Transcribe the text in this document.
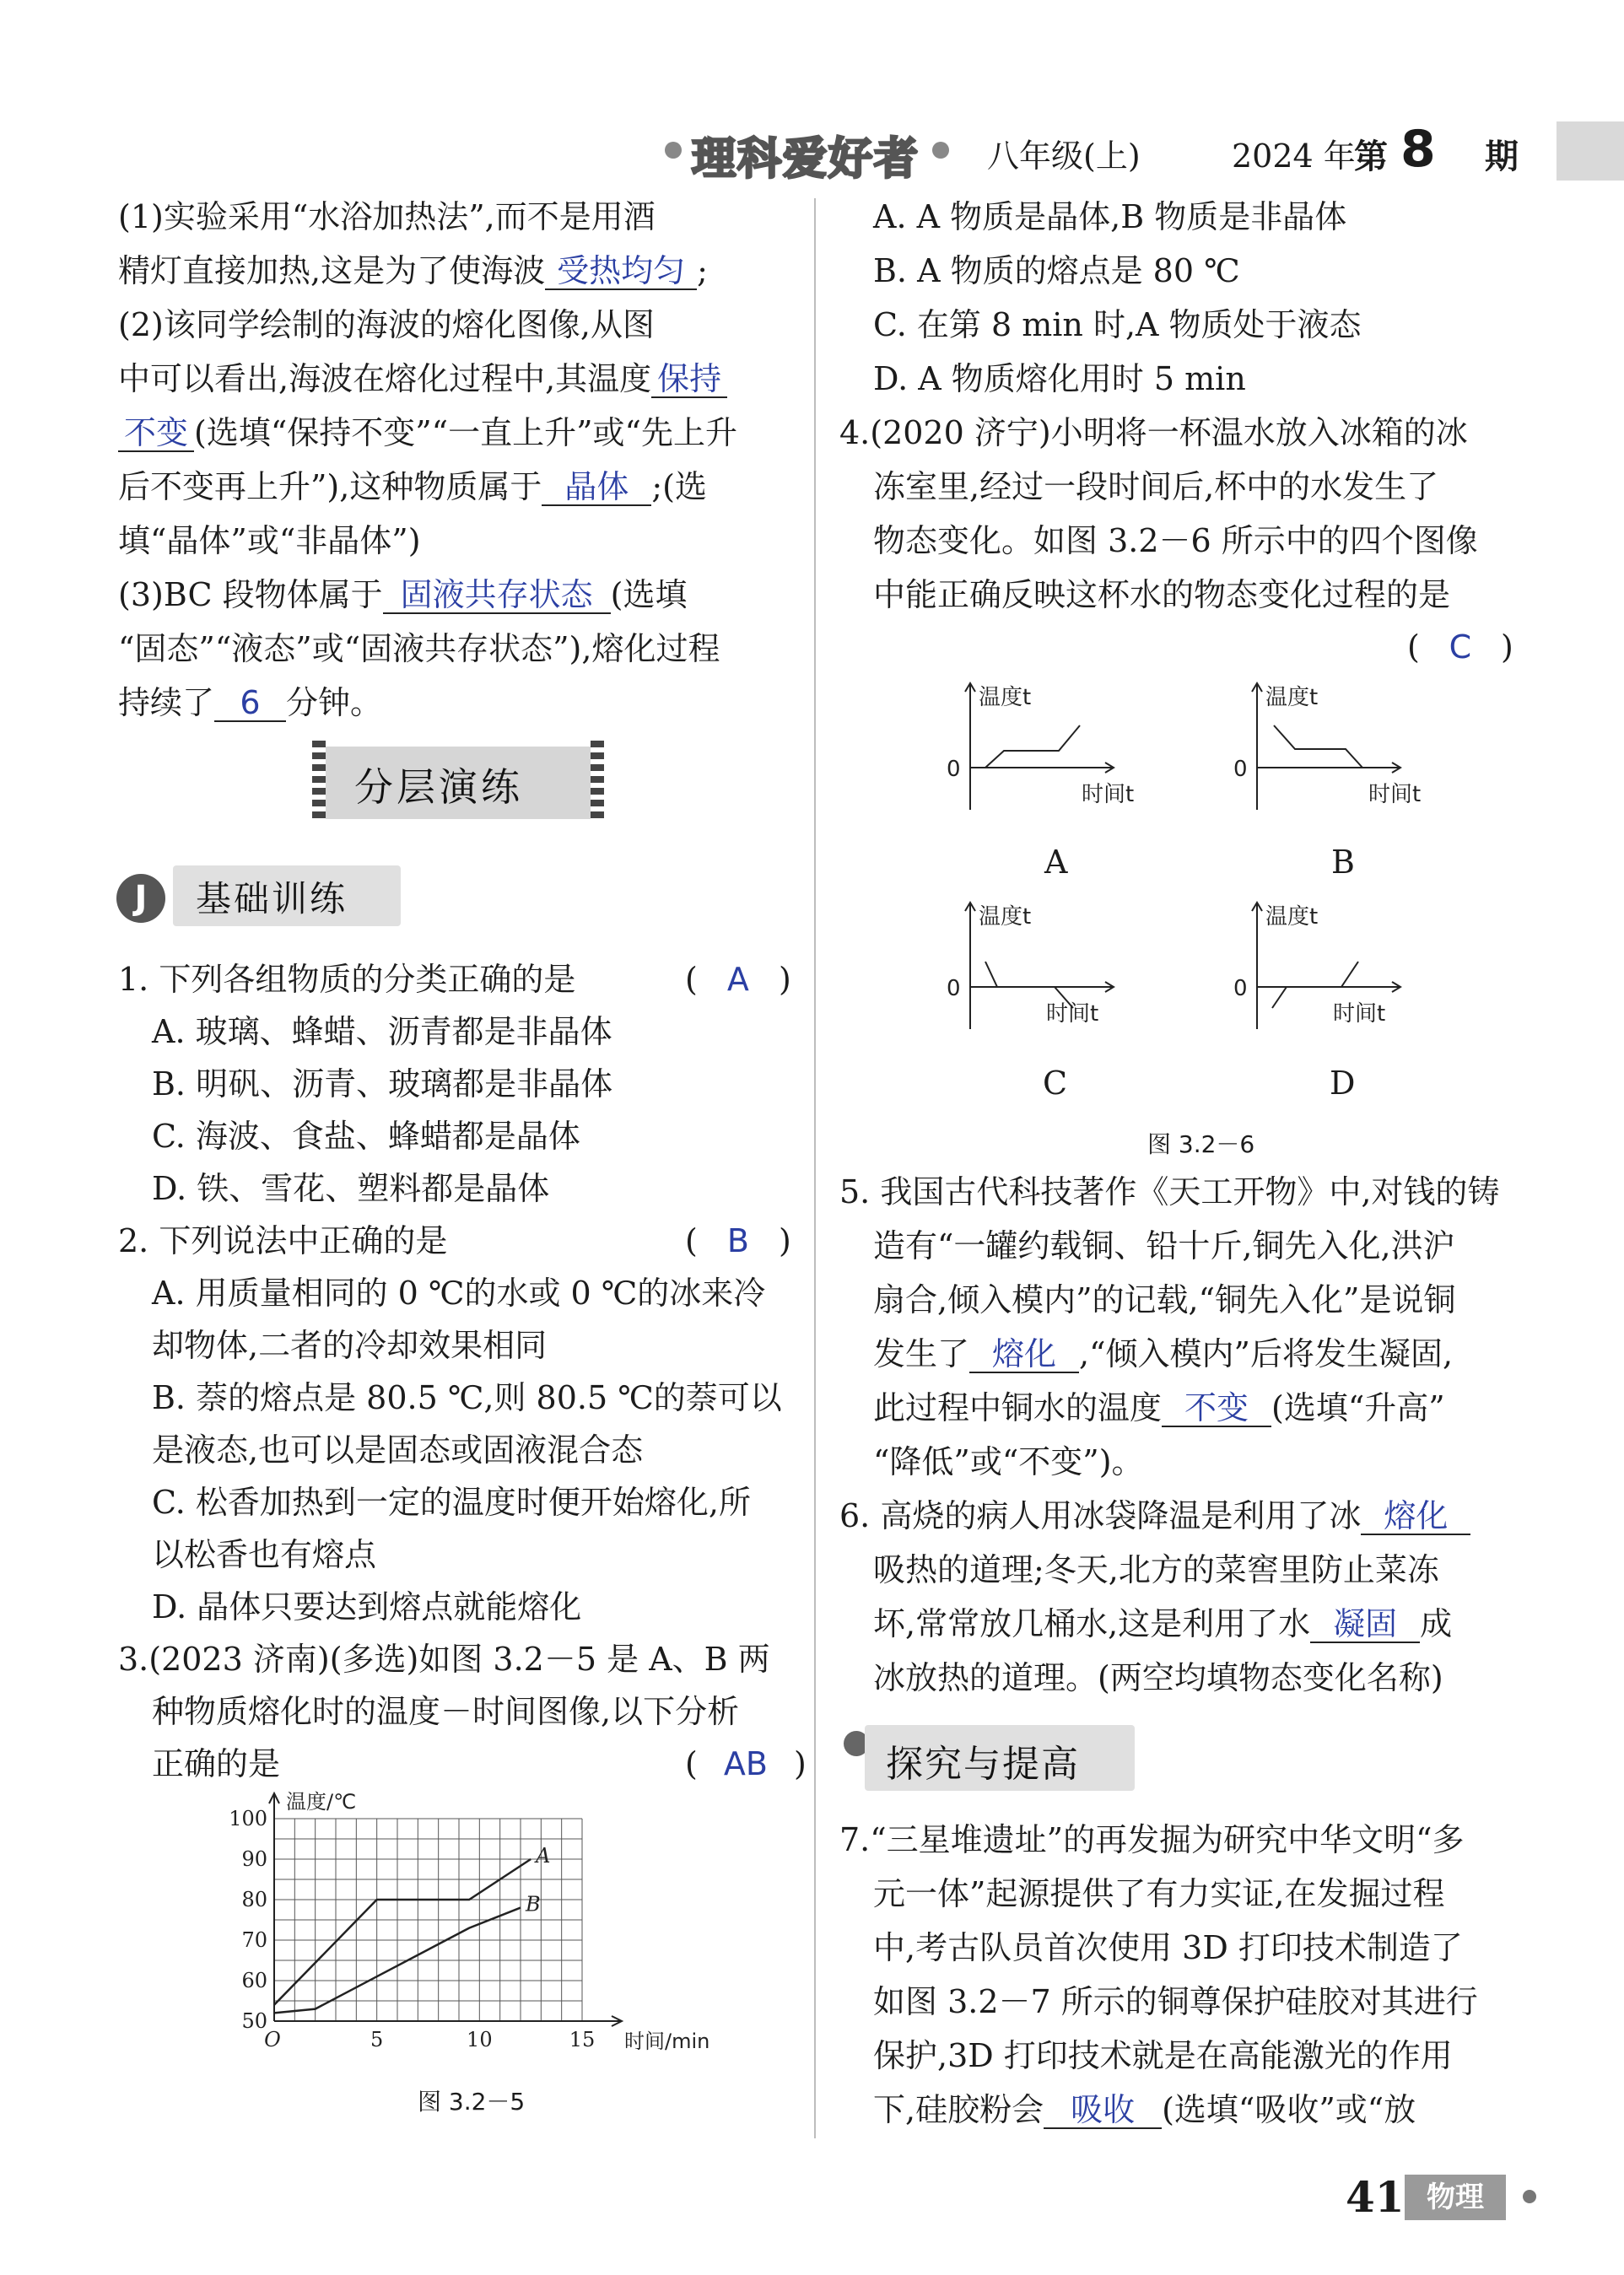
理科爱好者 八年级(上)	2024 年
第 8 期
(1)实验采用“水浴加热法”,而不是用酒
精灯直接加热,这是为了使海波 受热均匀 ;
(2)该同学绘制的海波的熔化图像,从图
中可以看出,海波在熔化过程中,其温度 保持
不变 (选填“保持不变”“一直上升”或“先上升
后不变再上升”),这种物质属于 晶体 ;(选
填“晶体”或“非晶体”)
(3)BC 段物体属于 固液共存状态 (选填
“固态”“液态”或“固液共存状态”),熔化过程
持续了 6 分钟。
分层演练
J	基础训练
1. 下列各组物质的分类正确的是	( A )
A. 玻璃、蜂蜡、沥青都是非晶体
B. 明矾、沥青、玻璃都是非晶体
C. 海波、食盐、蜂蜡都是晶体
D. 铁、雪花、塑料都是晶体
2. 下列说法中正确的是	( B )
A. 用质量相同的 0 ℃的水或 0 ℃的冰来冷
却物体,二者的冷却效果相同
B. 萘的熔点是 80.5 ℃,则 80.5 ℃的萘可以
是液态,也可以是固态或固液混合态
C. 松香加热到一定的温度时便开始熔化,所
以松香也有熔点
D. 晶体只要达到熔点就能熔化
3.(2023 济南)(多选)如图 3.2－5 是 A、B 两
种物质熔化时的温度－时间图像,以下分析
正确的是	( AB )
50
60
70
80
90
100
O	5	10	15
温度/℃
时间/min
A
B
图 3.2－5
A. A 物质是晶体,B 物质是非晶体
B. A 物质的熔点是 80 ℃
C. 在第 8 min 时,A 物质处于液态
D. A 物质熔化用时 5 min
4.(2020 济宁)小明将一杯温水放入冰箱的冰
冻室里,经过一段时间后,杯中的水发生了
物态变化。如图 3.2－6 所示中的四个图像
中能正确反映这杯水的物态变化过程的是
( C )
温度t
0
时间t
温度t
0
时间t
A	B
温度t
0
时间t
温度t
0
时间t
C	D
图 3.2－6
5. 我国古代科技著作《天工开物》中,对钱的铸
造有“一罐约载铜、铅十斤,铜先入化,洪沪
扇合,倾入模内”的记载,“铜先入化”是说铜
发生了 熔化 ,“倾入模内”后将发生凝固,
此过程中铜水的温度 不变 (选填“升高”
“降低”或“不变”)。
6. 高烧的病人用冰袋降温是利用了冰 熔化
吸热的道理;冬天,北方的菜窖里防止菜冻
坏,常常放几桶水,这是利用了水 凝固 成
冰放热的道理。(两空均填物态变化名称)
探究与提高
7.“三星堆遗址”的再发掘为研究中华文明“多
元一体”起源提供了有力实证,在发掘过程
中,考古队员首次使用 3D 打印技术制造了
如图 3.2－7 所示的铜尊保护硅胶对其进行
保护,3D 打印技术就是在高能激光的作用
下,硅胶粉会 吸收 (选填“吸收”或“放
41 物理
